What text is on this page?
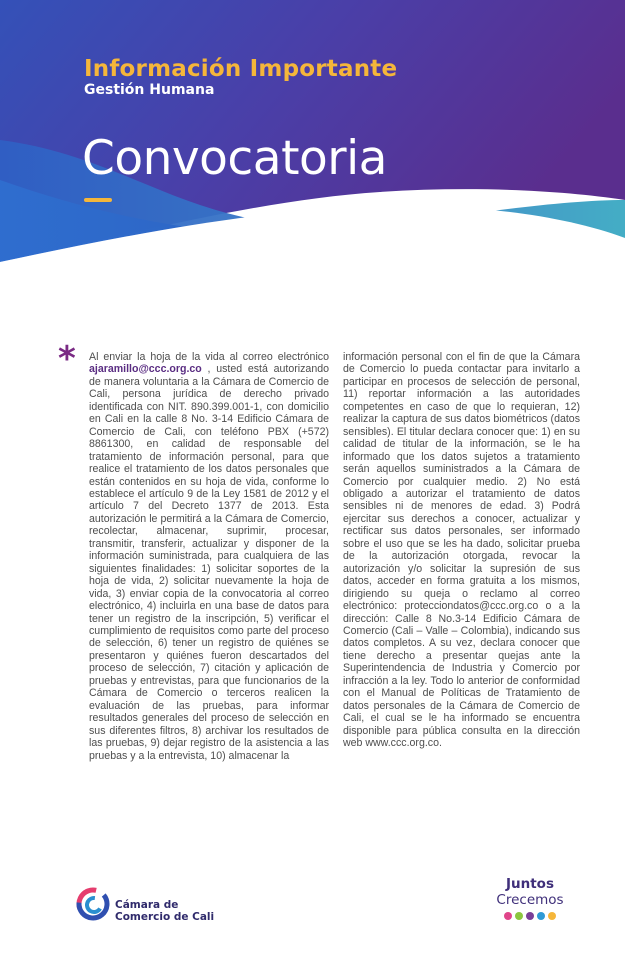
Información Importante
Gestión Humana
Convocatoria
* Al enviar la hoja de la vida al correo electrónico ajaramillo@ccc.org.co , usted está autorizando de manera voluntaria a la Cámara de Comercio de Cali, persona jurídica de derecho privado identificada con NIT. 890.399.001-1, con domicilio en Cali en la calle 8 No. 3-14 Edificio Cámara de Comercio de Cali, con teléfono PBX (+572) 8861300, en calidad de responsable del tratamiento de información personal, para que realice el tratamiento de los datos personales que están contenidos en su hoja de vida, conforme lo establece el artículo 9 de la Ley 1581 de 2012 y el artículo 7 del Decreto 1377 de 2013. Esta autorización le permitirá a la Cámara de Comercio, recolectar, almacenar, suprimir, procesar, transmitir, transferir, actualizar y disponer de la información suministrada, para cualquiera de las siguientes finalidades: 1) solicitar soportes de la hoja de vida, 2) solicitar nuevamente la hoja de vida, 3) enviar copia de la convocatoria al correo electrónico, 4) incluirla en una base de datos para tener un registro de la inscripción, 5) verificar el cumplimiento de requisitos como parte del proceso de selección, 6) tener un registro de quiénes se presentaron y quiénes fueron descartados del proceso de selección, 7) citación y aplicación de pruebas y entrevistas, para que funcionarios de la Cámara de Comercio o terceros realicen la evaluación de las pruebas, para informar resultados generales del proceso de selección en sus diferentes filtros, 8) archivar los resultados de las pruebas, 9) dejar registro de la asistencia a las pruebas y a la entrevista, 10) almacenar la
información personal con el fin de que la Cámara de Comercio lo pueda contactar para invitarlo a participar en procesos de selección de personal, 11) reportar información a las autoridades competentes en caso de que lo requieran, 12) realizar la captura de sus datos biométricos (datos sensibles). El titular declara conocer que: 1) en su calidad de titular de la información, se le ha informado que los datos sujetos a tratamiento serán aquellos suministrados a la Cámara de Comercio por cualquier medio. 2) No está obligado a autorizar el tratamiento de datos sensibles ni de menores de edad. 3) Podrá ejercitar sus derechos a conocer, actualizar y rectificar sus datos personales, ser informado sobre el uso que se les ha dado, solicitar prueba de la autorización otorgada, revocar la autorización y/o solicitar la supresión de sus datos, acceder en forma gratuita a los mismos, dirigiendo su queja o reclamo al correo electrónico: protecciondatos@ccc.org.co o a la dirección: Calle 8 No.3-14 Edificio Cámara de Comercio (Cali – Valle – Colombia), indicando sus datos completos. A su vez, declara conocer que tiene derecho a presentar quejas ante la Superintendencia de Industria y Comercio por infracción a la ley. Todo lo anterior de conformidad con el Manual de Políticas de Tratamiento de datos personales de la Cámara de Comercio de Cali, el cual se le ha informado se encuentra disponible para pública consulta en la dirección web www.ccc.org.co.
Cámara de
Comercio de Cali
Juntos
Crecemos
